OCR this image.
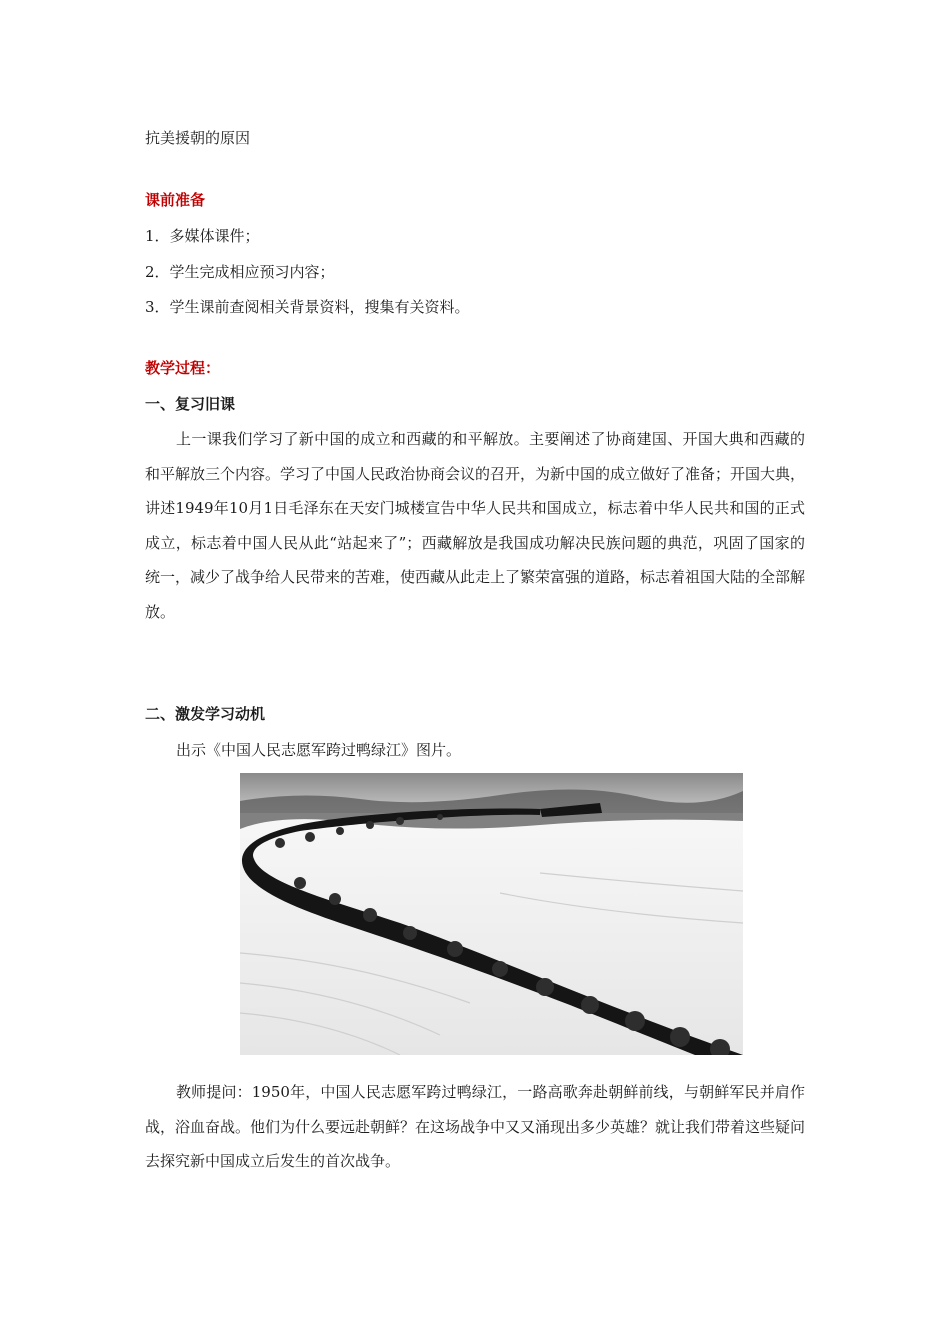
抗美援朝的原因
课前准备
1．多媒体课件；
2．学生完成相应预习内容；
3．学生课前查阅相关背景资料，搜集有关资料。
教学过程：
一、复习旧课
上一课我们学习了新中国的成立和西藏的和平解放。主要阐述了协商建国、开国大典和西藏的和平解放三个内容。学习了中国人民政治协商会议的召开，为新中国的成立做好了准备；开国大典，讲述1949年10月1日毛泽东在天安门城楼宣告中华人民共和国成立，标志着中华人民共和国的正式成立，标志着中国人民从此“站起来了”；西藏解放是我国成功解决民族问题的典范，巩固了国家的统一，减少了战争给人民带来的苦难，使西藏从此走上了繁荣富强的道路，标志着祖国大陆的全部解放。
二、激发学习动机
出示《中国人民志愿军跨过鸭绿江》图片。
教师提问：1950年，中国人民志愿军跨过鸭绿江，一路高歌奔赴朝鲜前线，与朝鲜军民并肩作战，浴血奋战。他们为什么要远赴朝鲜？在这场战争中又又涌现出多少英雄？就让我们带着这些疑问去探究新中国成立后发生的首次战争。
